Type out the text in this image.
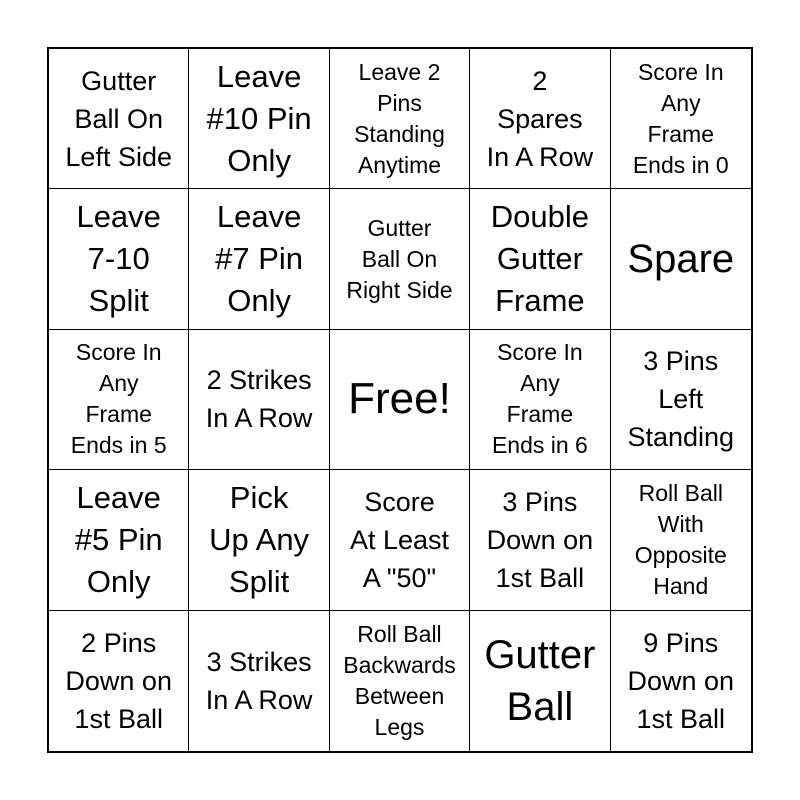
Gutter
Ball On
Left Side
Leave
#10 Pin
Only
Leave 2
Pins
Standing
Anytime
2
Spares
In A Row
Score In
Any
Frame
Ends in 0
Leave
7-10
Split
Leave
#7 Pin
Only
Gutter
Ball On
Right Side
Double
Gutter
Frame
Spare
Score In
Any
Frame
Ends in 5
2 Strikes
In A Row Free!
Score In
Any
Frame
Ends in 6
3 Pins
Left
Standing
Leave
#5 Pin
Only
Pick
Up Any
Split
Score
At Least
A "50"
3 Pins
Down on
1st Ball
Roll Ball
With
Opposite
Hand
2 Pins
Down on
1st Ball
3 Strikes
In A Row
Roll Ball
Backwards
Between
Legs
Gutter
Ball
9 Pins
Down on
1st Ball
